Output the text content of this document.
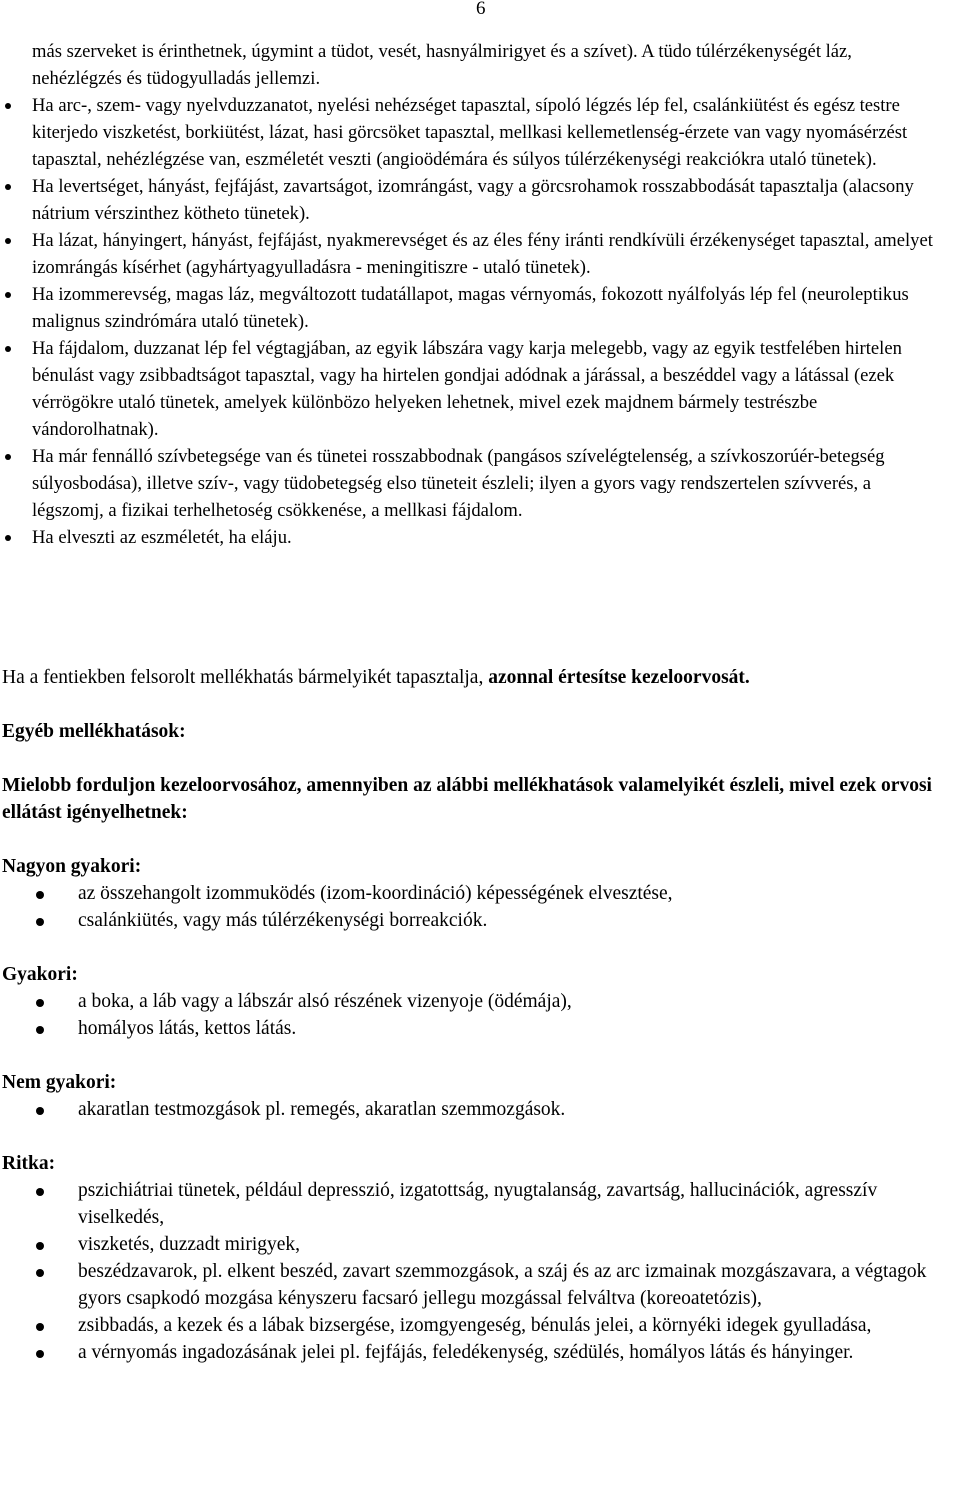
6

más szerveket is érinthetnek, úgymint a tüdot, vesét, hasnyálmirigyet és a szívet). A tüdo túlérzékenységét láz, nehézlégzés és tüdogyulladás jellemzi.

Ha arc-, szem- vagy nyelvduzzanatot, nyelési nehézséget tapasztal, sípoló légzés lép fel, csalánkiütést és egész testre kiterjedo viszketést, borkiütést, lázat, hasi görcsöket tapasztal, mellkasi kellemetlenség-érzete van vagy nyomásérzést tapasztal, nehézlégzése van, eszméletét veszti (angioödémára és súlyos túlérzékenységi reakciókra utaló tünetek).
Ha levertséget, hányást, fejfájást, zavartságot, izomrángást, vagy a görcsrohamok rosszabbodását tapasztalja (alacsony nátrium vérszinthez kötheto tünetek).
Ha lázat, hányingert, hányást, fejfájást, nyakmerevséget és az éles fény iránti rendkívüli érzékenységet tapasztal, amelyet izomrángás kísérhet (agyhártyagyulladásra - meningitiszre - utaló tünetek).
Ha izommerevség, magas láz, megváltozott tudatállapot, magas vérnyomás, fokozott nyálfolyás lép fel (neuroleptikus malignus szindrómára utaló tünetek).
Ha fájdalom, duzzanat lép fel végtagjában, az egyik lábszára vagy karja melegebb, vagy az egyik testfelében hirtelen bénulást vagy zsibbadtságot tapasztal, vagy ha hirtelen gondjai adódnak a járással, a beszéddel vagy a látással (ezek vérrögökre utaló tünetek, amelyek különbözo helyeken lehetnek, mivel ezek majdnem bármely testrészbe vándorolhatnak).
Ha már fennálló szívbetegsége van és tünetei rosszabbodnak (pangásos szívelégtelenség, a szívkoszorúér-betegség súlyosbodása), illetve szív-, vagy tüdobetegség elso tüneteit észleli; ilyen a gyors vagy rendszertelen szívverés, a légszomj, a fizikai terhelhetoség csökkenése, a mellkasi fájdalom.
Ha elveszti az eszméletét, ha eláju.

Ha a fentiekben felsorolt mellékhatás bármelyikét tapasztalja, azonnal értesítse kezeloorvosát.

Egyéb mellékhatások:

Mielobb forduljon kezeloorvosához, amennyiben az alábbi mellékhatások valamelyikét észleli, mivel ezek orvosi ellátást igényelhetnek:

Nagyon gyakori:

az összehangolt izommuködés (izom-koordináció) képességének elvesztése,
csalánkiütés, vagy más túlérzékenységi borreakciók.

Gyakori:

a boka, a láb vagy a lábszár alsó részének vizenyoje (ödémája),
homályos látás, kettos látás.

Nem gyakori:

akaratlan testmozgások pl. remegés, akaratlan szemmozgások.

Ritka:

pszichiátriai tünetek, például depresszió, izgatottság, nyugtalanság, zavartság, hallucinációk, agresszív viselkedés,
viszketés, duzzadt mirigyek,
beszédzavarok, pl. elkent beszéd, zavart szemmozgások, a száj és az arc izmainak mozgászavara, a végtagok gyors csapkodó mozgása kényszeru facsaró jellegu mozgással felváltva (koreoatetózis),
zsibbadás, a kezek és a lábak bizsergése, izomgyengeség, bénulás jelei, a környéki idegek gyulladása,
a vérnyomás ingadozásának jelei pl. fejfájás, feledékenység, szédülés, homályos látás és hányinger.
